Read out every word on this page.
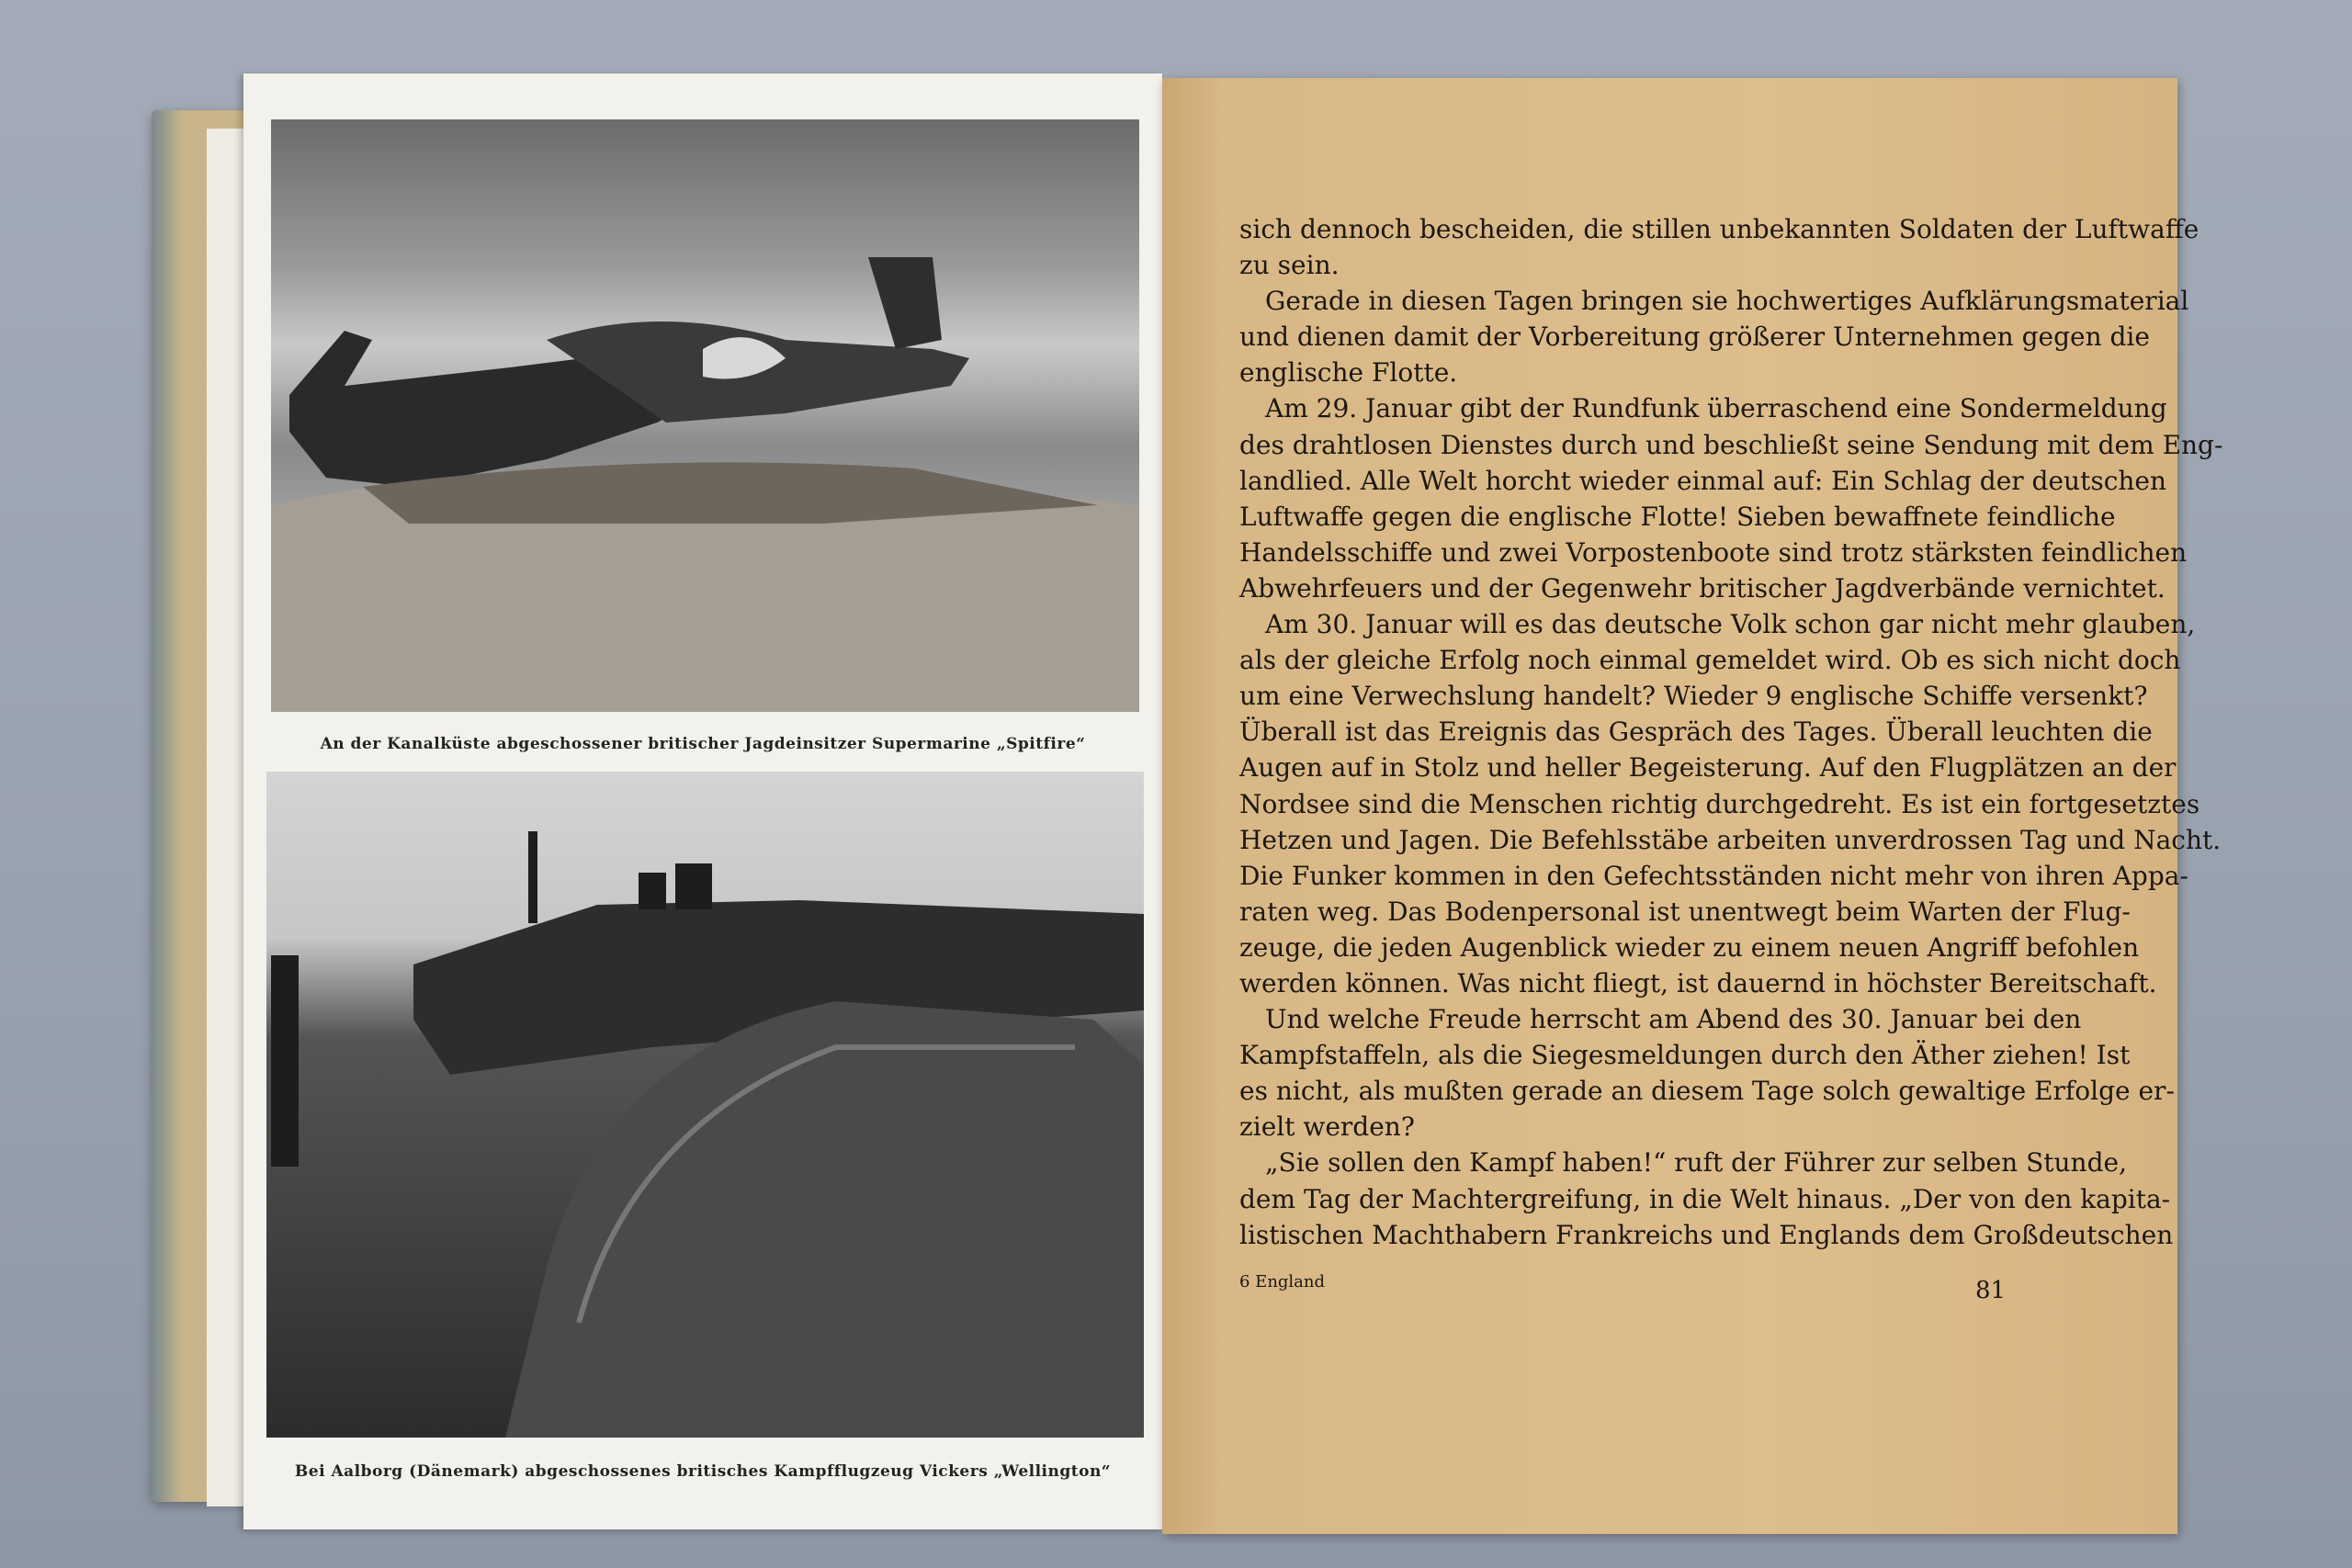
An der Kanalküste abgeschossener britischer Jagdeinsitzer Supermarine „Spitfire“
Bei Aalborg (Dänemark) abgeschossenes britisches Kampfflugzeug Vickers „Wellington“
sich dennoch bescheiden, die stillen unbekannten Soldaten der Luftwaffe
zu sein.
Gerade in diesen Tagen bringen sie hochwertiges Aufklärungsmaterial
und dienen damit der Vorbereitung größerer Unternehmen gegen die
englische Flotte.
Am 29. Januar gibt der Rundfunk überraschend eine Sondermeldung
des drahtlosen Dienstes durch und beschließt seine Sendung mit dem Eng-
landlied. Alle Welt horcht wieder einmal auf: Ein Schlag der deutschen
Luftwaffe gegen die englische Flotte! Sieben bewaffnete feindliche
Handelsschiffe und zwei Vorpostenboote sind trotz stärksten feindlichen
Abwehrfeuers und der Gegenwehr britischer Jagdverbände vernichtet.
Am 30. Januar will es das deutsche Volk schon gar nicht mehr glauben,
als der gleiche Erfolg noch einmal gemeldet wird. Ob es sich nicht doch
um eine Verwechslung handelt? Wieder 9 englische Schiffe versenkt?
Überall ist das Ereignis das Gespräch des Tages. Überall leuchten die
Augen auf in Stolz und heller Begeisterung. Auf den Flugplätzen an der
Nordsee sind die Menschen richtig durchgedreht. Es ist ein fortgesetztes
Hetzen und Jagen. Die Befehlsstäbe arbeiten unverdrossen Tag und Nacht.
Die Funker kommen in den Gefechtsständen nicht mehr von ihren Appa-
raten weg. Das Bodenpersonal ist unentwegt beim Warten der Flug-
zeuge, die jeden Augenblick wieder zu einem neuen Angriff befohlen
werden können. Was nicht fliegt, ist dauernd in höchster Bereitschaft.
Und welche Freude herrscht am Abend des 30. Januar bei den
Kampfstaffeln, als die Siegesmeldungen durch den Äther ziehen! Ist
es nicht, als mußten gerade an diesem Tage solch gewaltige Erfolge er-
zielt werden?
„Sie sollen den Kampf haben!“ ruft der Führer zur selben Stunde,
dem Tag der Machtergreifung, in die Welt hinaus. „Der von den kapita-
listischen Machthabern Frankreichs und Englands dem Großdeutschen
6 England	81
